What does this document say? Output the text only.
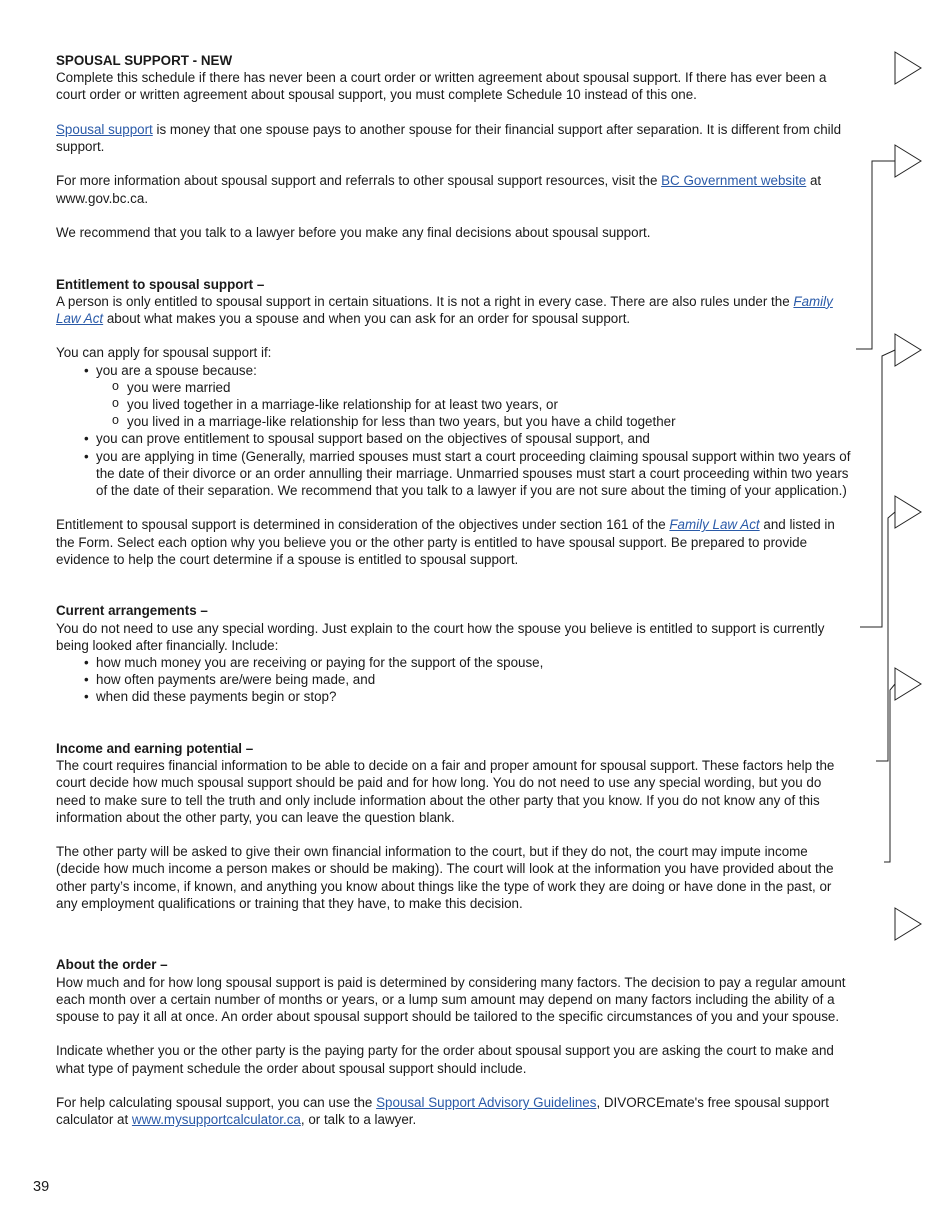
SPOUSAL SUPPORT - NEW

Complete this schedule if there has never been a court order or written agreement about spousal support. If there has ever been a court order or written agreement about spousal support, you must complete Schedule 10 instead of this one.

Spousal support is money that one spouse pays to another spouse for their financial support after separation. It is different from child support.

For more information about spousal support and referrals to other spousal support resources, visit the BC Government website at www.gov.bc.ca.

We recommend that you talk to a lawyer before you make any final decisions about spousal support.

Entitlement to spousal support –

A person is only entitled to spousal support in certain situations. It is not a right in every case. There are also rules under the Family Law Act about what makes you a spouse and when you can ask for an order for spousal support.

You can apply for spousal support if:

• you are a spouse because:
o you were married
o you lived together in a marriage-like relationship for at least two years, or
o you lived in a marriage-like relationship for less than two years, but you have a child together
• you can prove entitlement to spousal support based on the objectives of spousal support, and
• you are applying in time (Generally, married spouses must start a court proceeding claiming spousal support within two years of the date of their divorce or an order annulling their marriage. Unmarried spouses must start a court proceeding within two years of the date of their separation. We recommend that you talk to a lawyer if you are not sure about the timing of your application.)

Entitlement to spousal support is determined in consideration of the objectives under section 161 of the Family Law Act and listed in the Form. Select each option why you believe you or the other party is entitled to have spousal support. Be prepared to provide evidence to help the court determine if a spouse is entitled to spousal support.

Current arrangements –

You do not need to use any special wording. Just explain to the court how the spouse you believe is entitled to support is currently being looked after financially. Include:

• how much money you are receiving or paying for the support of the spouse,
• how often payments are/were being made, and
• when did these payments begin or stop?

Income and earning potential –

The court requires financial information to be able to decide on a fair and proper amount for spousal support. These factors help the court decide how much spousal support should be paid and for how long. You do not need to use any special wording, but you do need to make sure to tell the truth and only include information about the other party that you know. If you do not know any of this information about the other party, you can leave the question blank.

The other party will be asked to give their own financial information to the court, but if they do not, the court may impute income (decide how much income a person makes or should be making). The court will look at the information you have provided about the other party’s income, if known, and anything you know about things like the type of work they are doing or have done in the past, or any employment qualifications or training that they have, to make this decision.

About the order –

How much and for how long spousal support is paid is determined by considering many factors. The decision to pay a regular amount each month over a certain number of months or years, or a lump sum amount may depend on many factors including the ability of a spouse to pay it all at once. An order about spousal support should be tailored to the specific circumstances of you and your spouse.

Indicate whether you or the other party is the paying party for the order about spousal support you are asking the court to make and what type of payment schedule the order about spousal support should include.

For help calculating spousal support, you can use the Spousal Support Advisory Guidelines, DIVORCEmate's free spousal support calculator at www.mysupportcalculator.ca, or talk to a lawyer.

39
